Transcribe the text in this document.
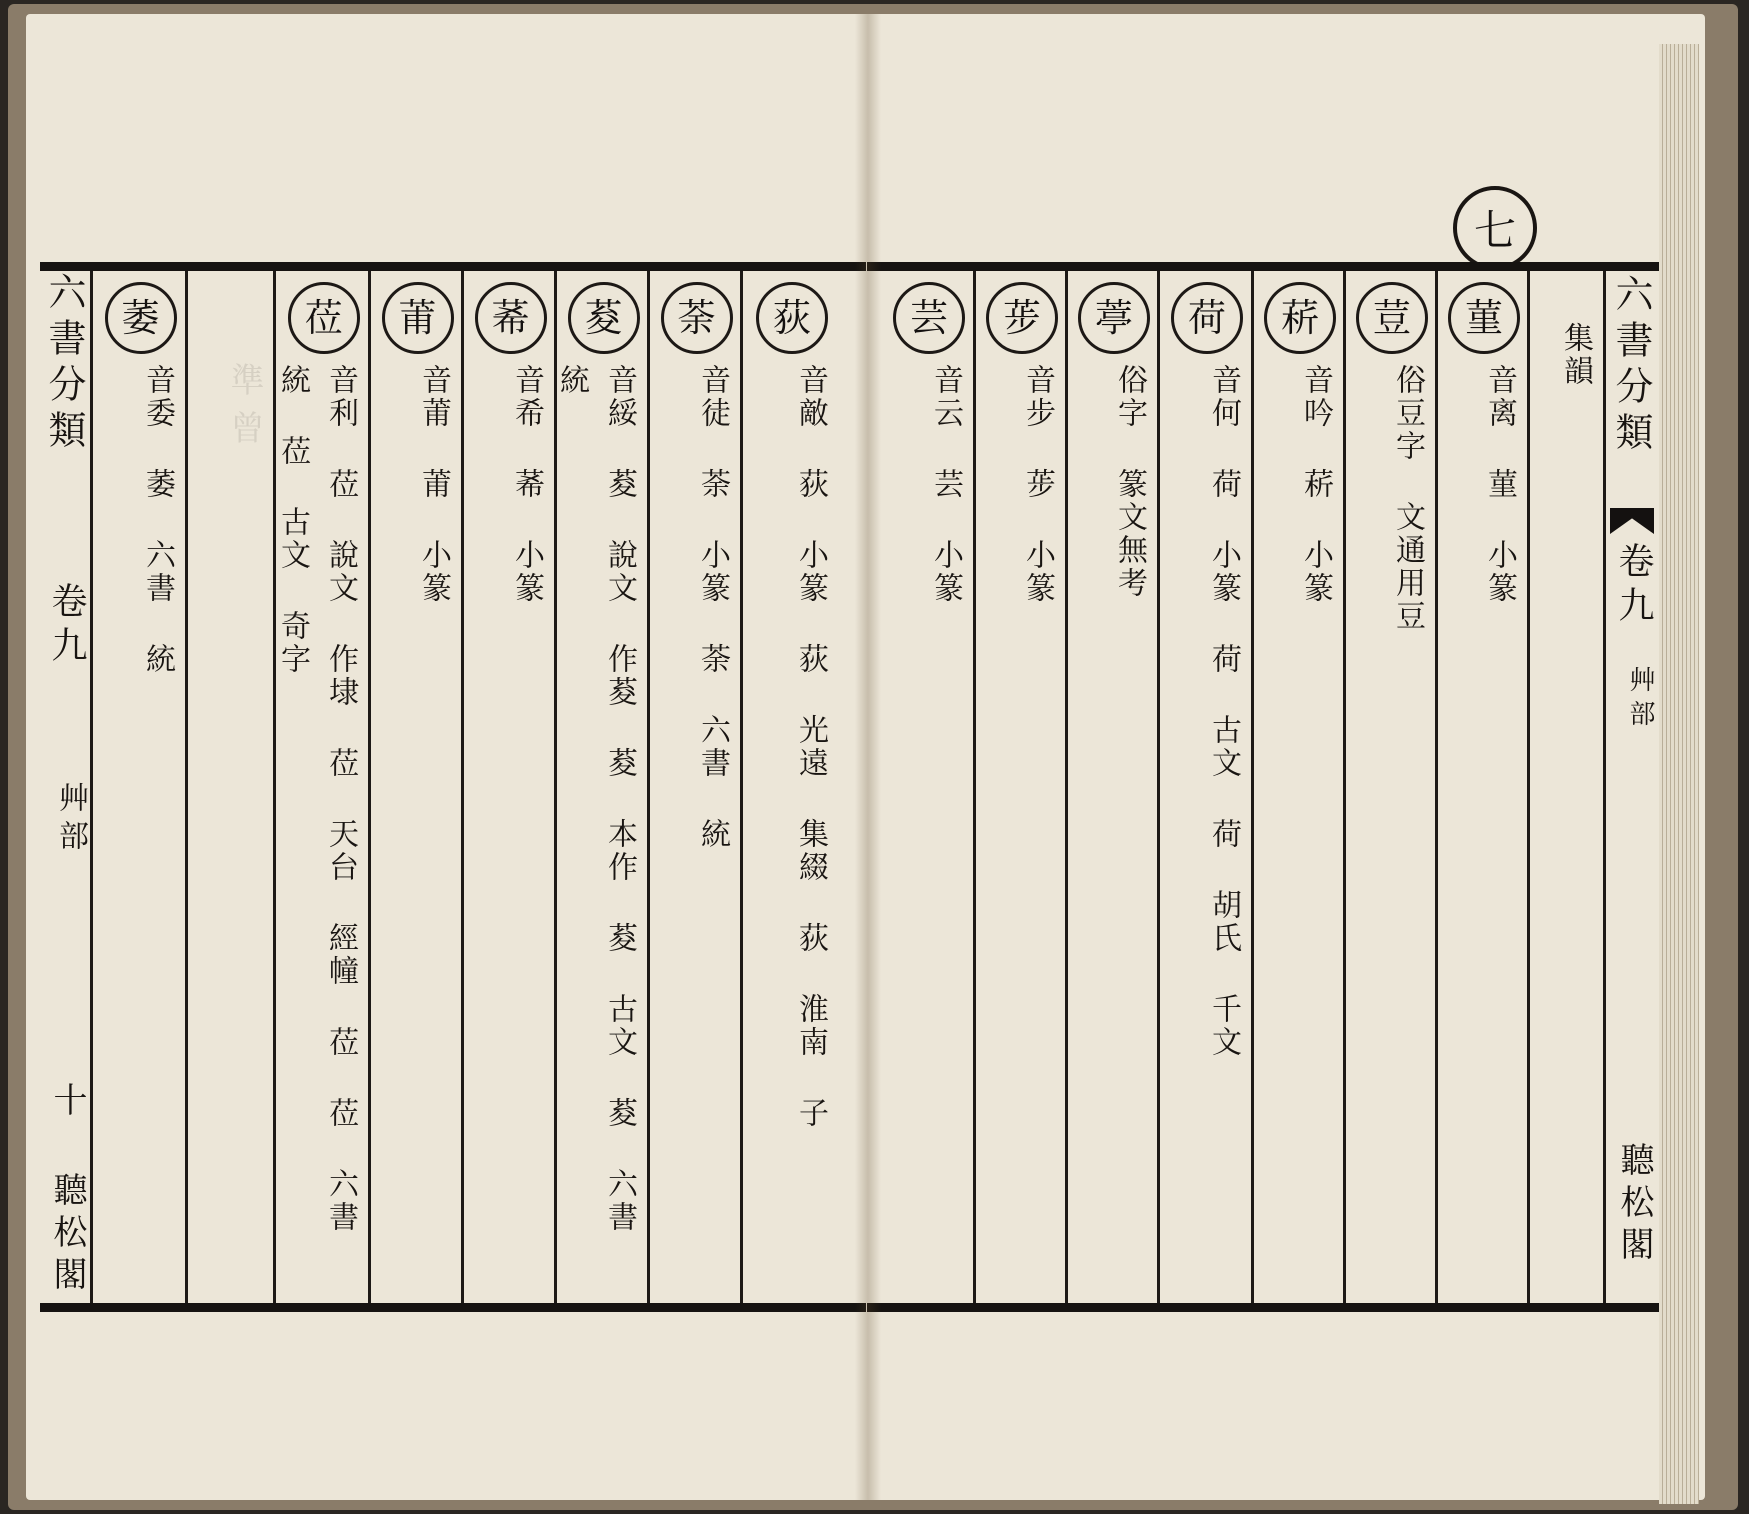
六書分類
卷九
艸部
十 聽松閣
萎
音委 萎 六書 統	準曾
莅
音利 莅 說文 作埭 莅 天台 經幢 莅 莅 六書 統 莅 古文 奇字
莆
音莆 莆 小篆
莃
音希 莃 小篆
荾
音綏 荾 說文 作荾 荾 本作 荾 古文 荾 六書 統
荼
音徒 荼 小篆 荼 六書 統
荻
音敵 荻 小篆 荻 光遠 集綴 荻 淮南 子
七
芸
音云 芸 小篆
荹
音步 荹 小篆
葶
俗字 篆文無考
荷
音何 荷 小篆 荷 古文 荷 胡氏 千文
菥
音吟 菥 小篆
荳
俗豆字 文通用豆
菫
音离 菫 小篆
集韻 六書分類
卷九
艸部
聽松閣
